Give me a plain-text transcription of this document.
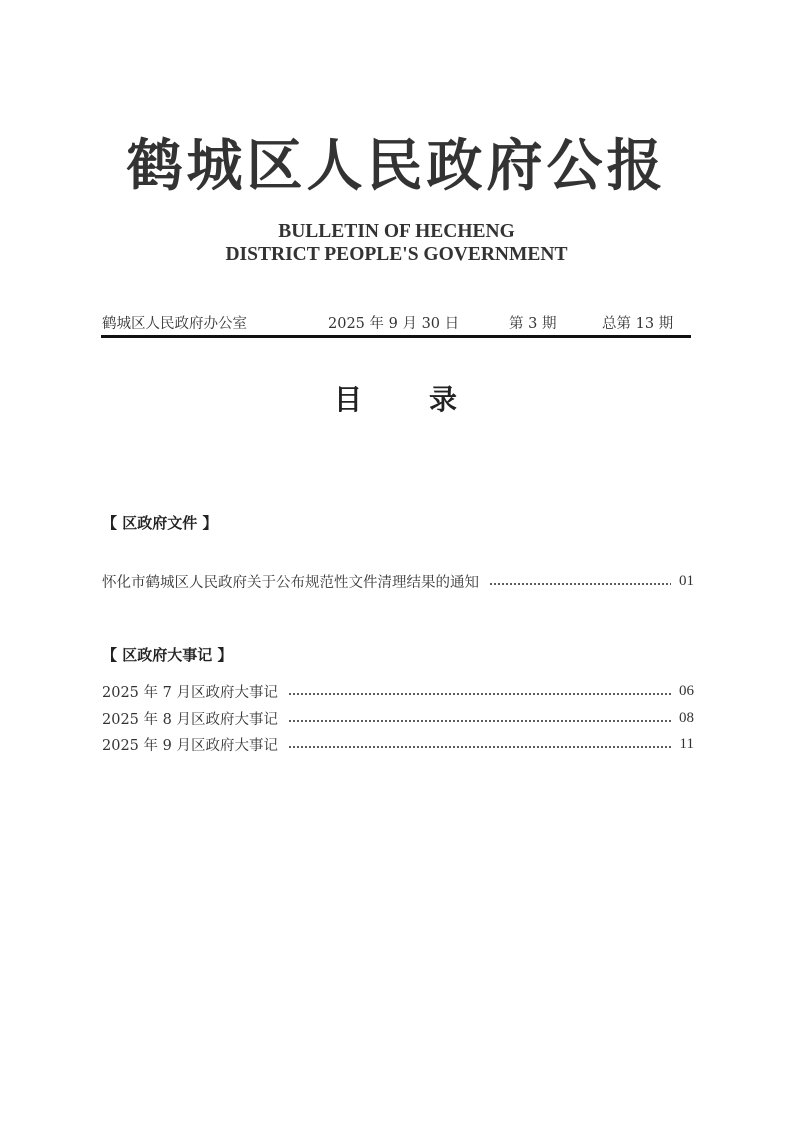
鹤城区人民政府公报
BULLETIN OF HECHENG
DISTRICT PEOPLE'S GOVERNMENT
鹤城区人民政府办公室	2025 年 9 月 30 日	第 3 期	总第 13 期
目 录
【 区政府文件 】
怀化市鹤城区人民政府关于公布规范性文件清理结果的通知	01
【 区政府大事记 】
2025 年 7 月区政府大事记	06
2025 年 8 月区政府大事记	08
2025 年 9 月区政府大事记	11
